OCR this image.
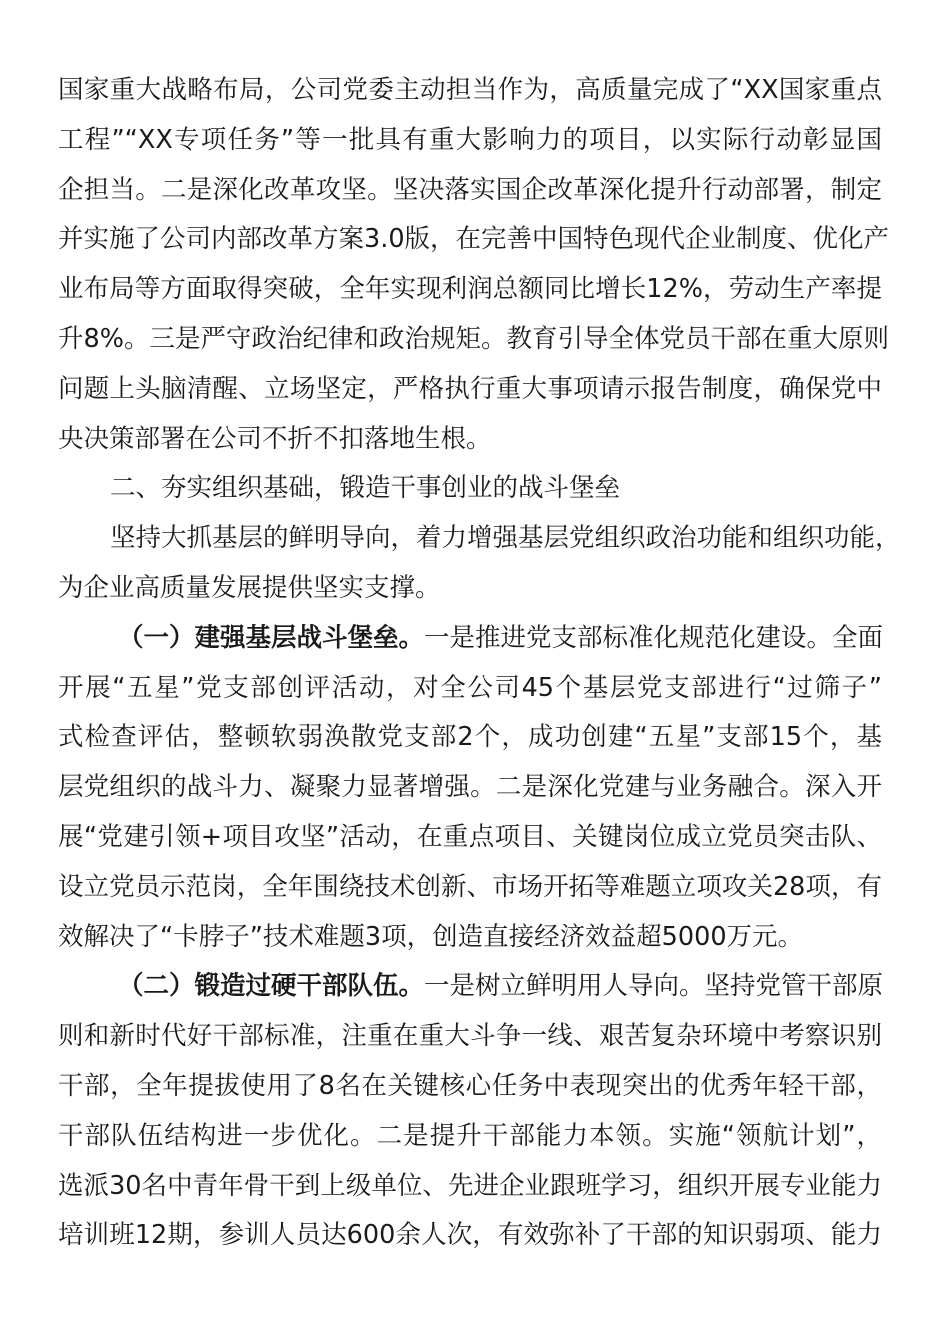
国家重大战略布局，公司党委主动担当作为，高质量完成了“XX国家重点
工程”“XX专项任务”等一批具有重大影响力的项目，以实际行动彰显国
企担当。二是深化改革攻坚。坚决落实国企改革深化提升行动部署，制定
并实施了公司内部改革方案3.0版，在完善中国特色现代企业制度、优化产
业布局等方面取得突破，全年实现利润总额同比增长12%，劳动生产率提
升8%。三是严守政治纪律和政治规矩。教育引导全体党员干部在重大原则
问题上头脑清醒、立场坚定，严格执行重大事项请示报告制度，确保党中
央决策部署在公司不折不扣落地生根。
二、夯实组织基础，锻造干事创业的战斗堡垒
坚持大抓基层的鲜明导向，着力增强基层党组织政治功能和组织功能，
为企业高质量发展提供坚实支撑。
（一）建强基层战斗堡垒。一是推进党支部标准化规范化建设。全面
开展“五星”党支部创评活动，对全公司45个基层党支部进行“过筛子”
式检查评估，整顿软弱涣散党支部2个，成功创建“五星”支部15个，基
层党组织的战斗力、凝聚力显著增强。二是深化党建与业务融合。深入开
展“党建引领+项目攻坚”活动，在重点项目、关键岗位成立党员突击队、
设立党员示范岗，全年围绕技术创新、市场开拓等难题立项攻关28项，有
效解决了“卡脖子”技术难题3项，创造直接经济效益超5000万元。
（二）锻造过硬干部队伍。一是树立鲜明用人导向。坚持党管干部原
则和新时代好干部标准，注重在重大斗争一线、艰苦复杂环境中考察识别
干部，全年提拔使用了8名在关键核心任务中表现突出的优秀年轻干部，
干部队伍结构进一步优化。二是提升干部能力本领。实施“领航计划”，
选派30名中青年骨干到上级单位、先进企业跟班学习，组织开展专业能力
培训班12期，参训人员达600余人次，有效弥补了干部的知识弱项、能力
